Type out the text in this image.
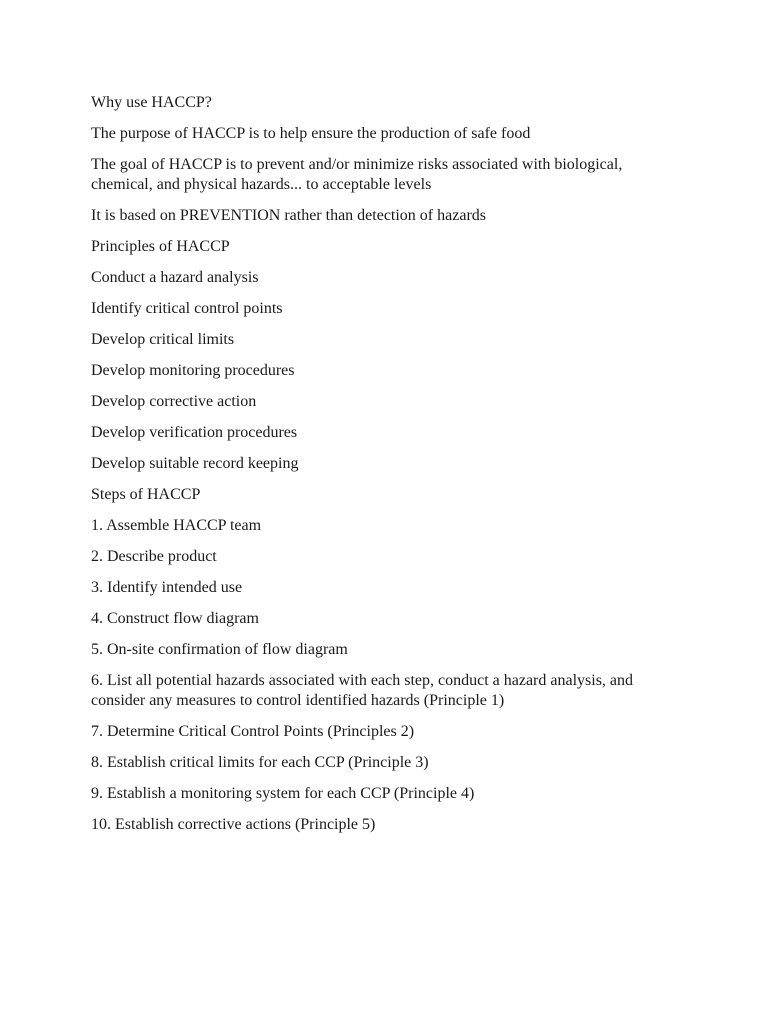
Why use HACCP?

The purpose of HACCP is to help ensure the production of safe food

The goal of HACCP is to prevent and/or minimize risks associated with biological, chemical, and physical hazards... to acceptable levels

It is based on PREVENTION rather than detection of hazards

Principles of HACCP

Conduct a hazard analysis

Identify critical control points

Develop critical limits

Develop monitoring procedures

Develop corrective action

Develop verification procedures

Develop suitable record keeping

Steps of HACCP

1. Assemble HACCP team

2. Describe product

3. Identify intended use

4. Construct flow diagram

5. On-site confirmation of flow diagram

6. List all potential hazards associated with each step, conduct a hazard analysis, and consider any measures to control identified hazards (Principle 1)

7. Determine Critical Control Points (Principles 2)

8. Establish critical limits for each CCP (Principle 3)

9. Establish a monitoring system for each CCP (Principle 4)

10. Establish corrective actions (Principle 5)
